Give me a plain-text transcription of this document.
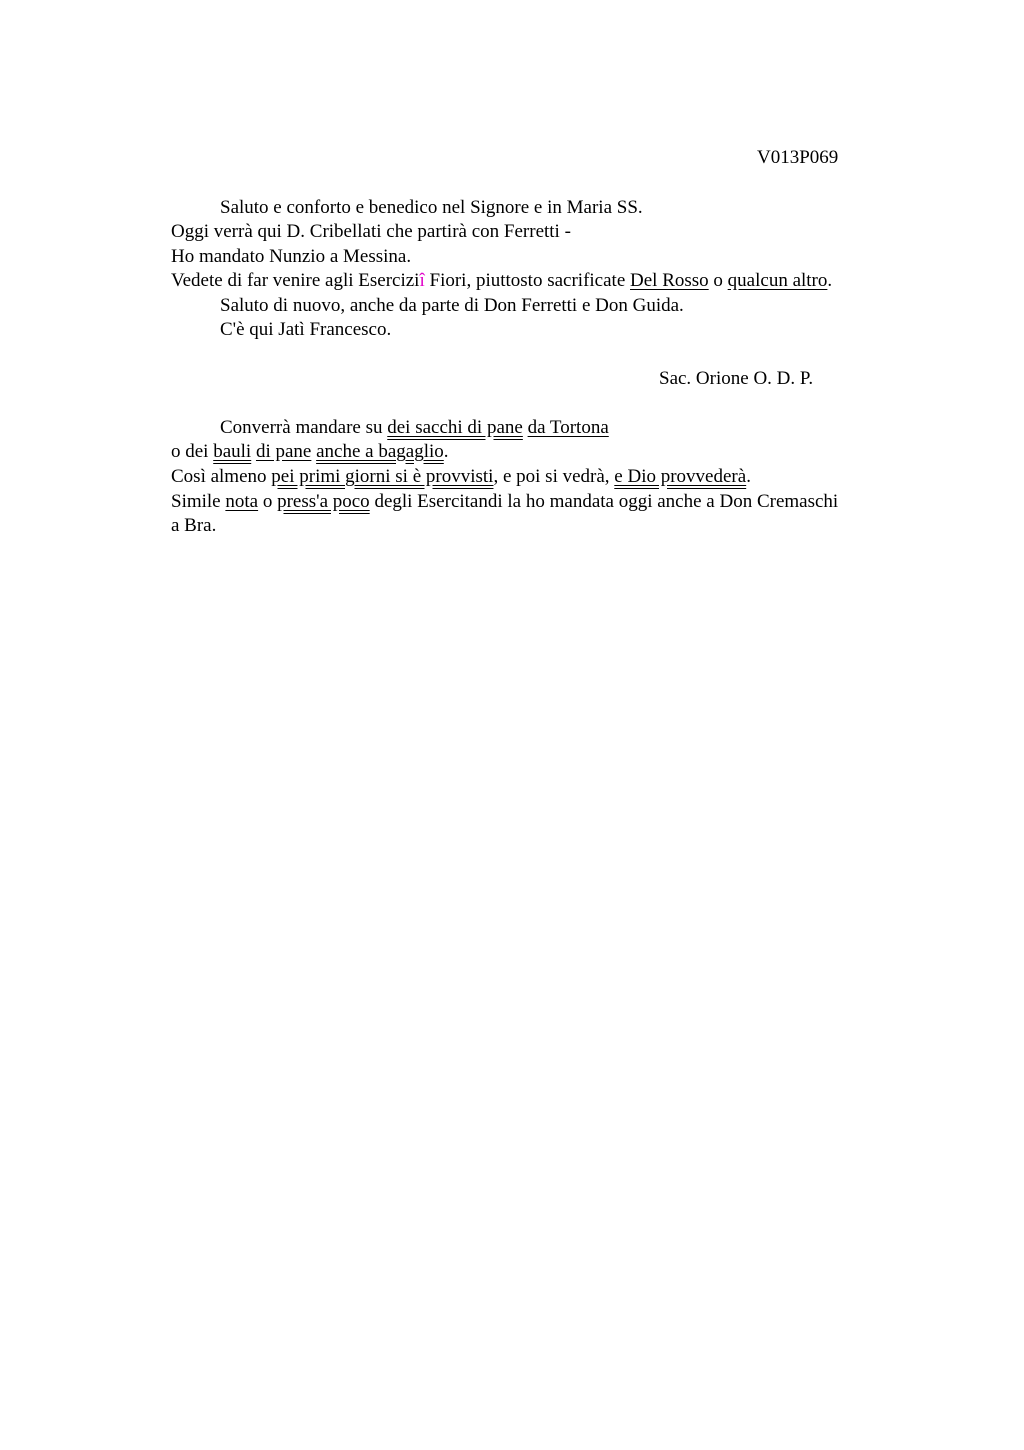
V013P069
Saluto e conforto e benedico nel Signore e in Maria SS.
Oggi verrà qui D. Cribellati che partirà con Ferretti -
Ho mandato Nunzio a Messina.
Vedete di far venire agli Eserciziî Fiori, piuttosto sacrificate Del Rosso o qualcun altro.
Saluto di nuovo, anche da parte di Don Ferretti e Don Guida.
C'è qui Jatì Francesco.
Sac. Orione O. D. P.
Converrà mandare su dei sacchi di pane da Tortona
o dei bauli di pane anche a bagaglio.
Così almeno pei primi giorni si è provvisti, e poi si vedrà, e Dio provvederà.
Simile nota o press'a poco degli Esercitandi la ho mandata oggi anche a Don Cremaschi
a Bra.
